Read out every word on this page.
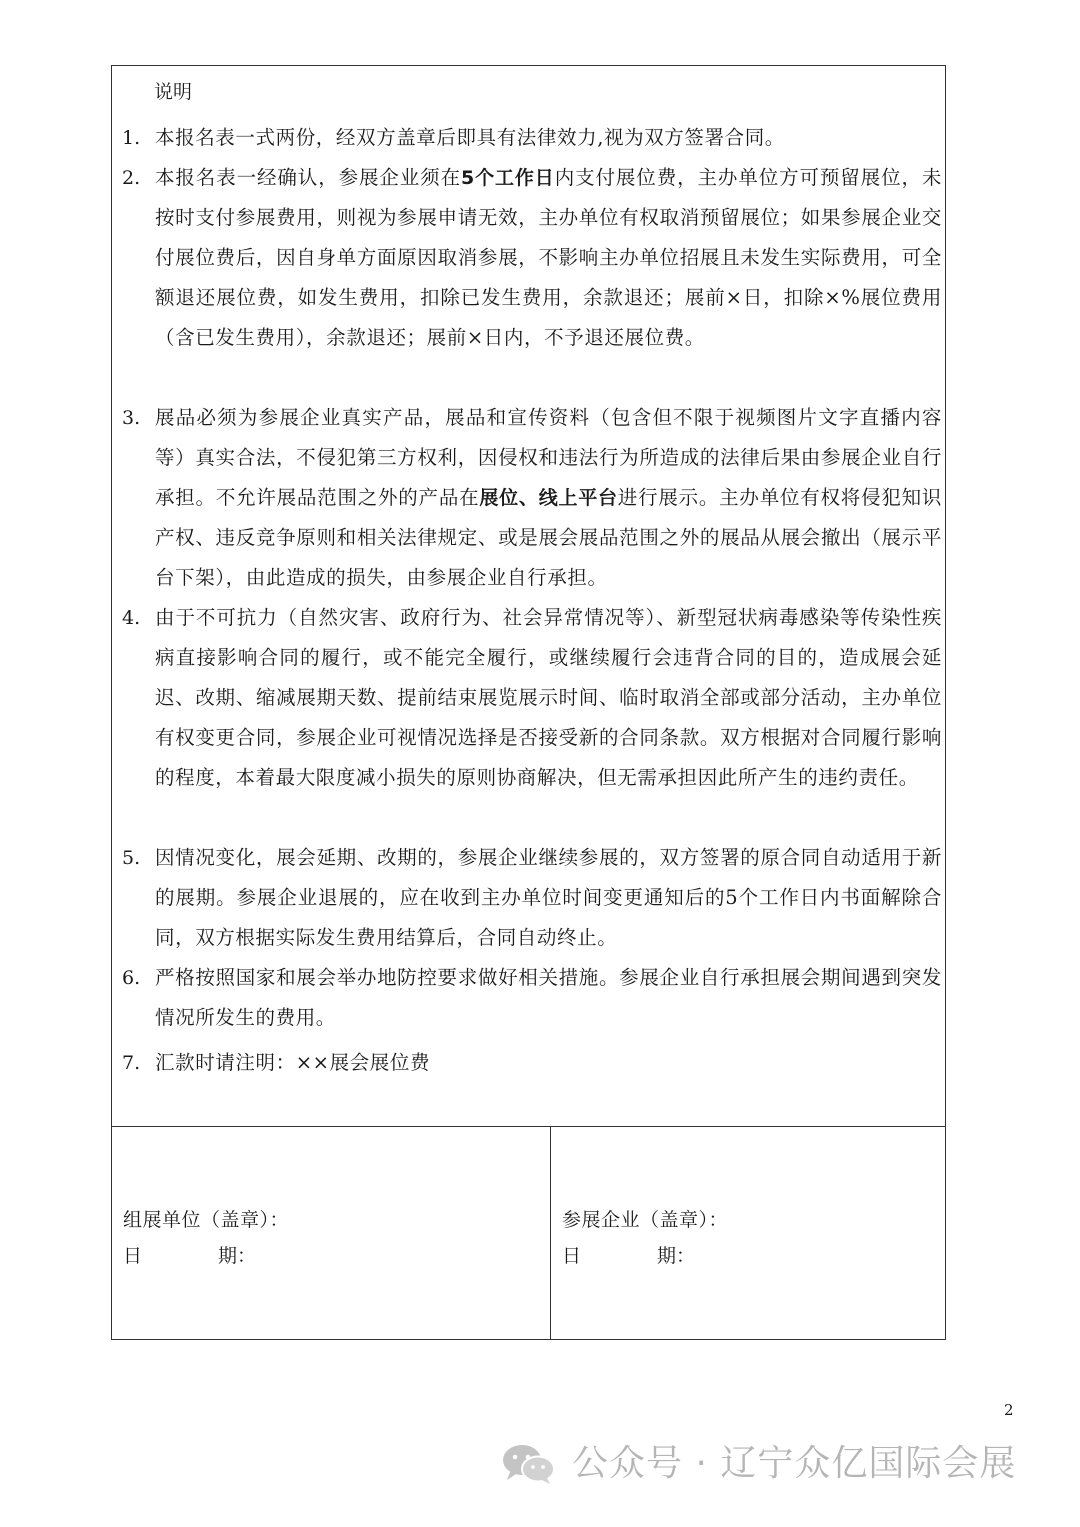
说明

1. 本报名表一式两份，经双方盖章后即具有法律效力,视为双方签署合同。
2. 本报名表一经确认，参展企业须在5个工作日内支付展位费，主办单位方可预留展位，未按时支付参展费用，则视为参展申请无效，主办单位有权取消预留展位；如果参展企业交付展位费后，因自身单方面原因取消参展，不影响主办单位招展且未发生实际费用，可全额退还展位费，如发生费用，扣除已发生费用，余款退还；展前×日，扣除×%展位费用（含已发生费用），余款退还；展前×日内，不予退还展位费。
3. 展品必须为参展企业真实产品，展品和宣传资料（包含但不限于视频图片文字直播内容等）真实合法，不侵犯第三方权利，因侵权和违法行为所造成的法律后果由参展企业自行承担。不允许展品范围之外的产品在展位、线上平台进行展示。主办单位有权将侵犯知识产权、违反竞争原则和相关法律规定、或是展会展品范围之外的展品从展会撤出（展示平台下架），由此造成的损失，由参展企业自行承担。
4. 由于不可抗力（自然灾害、政府行为、社会异常情况等）、新型冠状病毒感染等传染性疾病直接影响合同的履行，或不能完全履行，或继续履行会违背合同的目的，造成展会延迟、改期、缩减展期天数、提前结束展览展示时间、临时取消全部或部分活动，主办单位有权变更合同，参展企业可视情况选择是否接受新的合同条款。双方根据对合同履行影响的程度，本着最大限度减小损失的原则协商解决，但无需承担因此所产生的违约责任。
5. 因情况变化，展会延期、改期的，参展企业继续参展的，双方签署的原合同自动适用于新的展期。参展企业退展的，应在收到主办单位时间变更通知后的5个工作日内书面解除合同，双方根据实际发生费用结算后，合同自动终止。
6. 严格按照国家和展会举办地防控要求做好相关措施。参展企业自行承担展会期间遇到突发情况所发生的费用。
7. 汇款时请注明：××展会展位费
组展单位（盖章）：
日	期：
参展企业（盖章）：
日	期：
2
公众号 · 辽宁众亿国际会展
